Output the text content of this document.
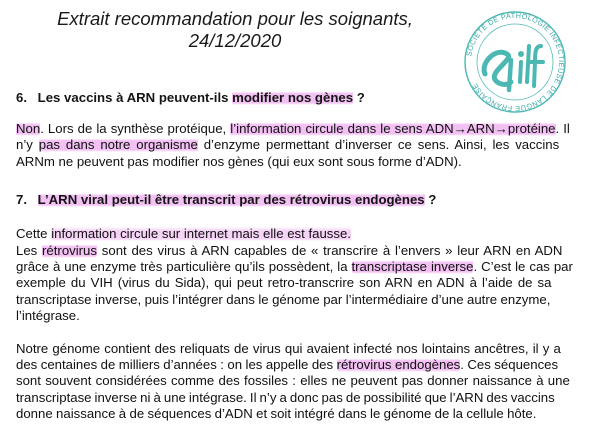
Extrait recommandation pour les soignants,
24/12/2020
SOCIÉTÉ DE PATHOLOGIE INFECTIEUSE DE LANGUE FRANÇAISE
6. Les vaccins à ARN peuvent-ils modifier nos gènes ?
Non. Lors de la synthèse protéique, l’information circule dans le sens ADN→ARN→protéine. Il
n’y pas dans notre organisme d’enzyme permettant d’inverser ce sens. Ainsi, les vaccins
ARNm ne peuvent pas modifier nos gènes (qui eux sont sous forme d’ADN).
7. L’ARN viral peut-il être transcrit par des rétrovirus endogènes ?
Cette information circule sur internet mais elle est fausse.
Les rétrovirus sont des virus à ARN capables de « transcrire à l’envers » leur ARN en ADN
grâce à une enzyme très particulière qu’ils possèdent, la transcriptase inverse. C’est le cas par
exemple du VIH (virus du Sida), qui peut retro-transcrire son ARN en ADN à l’aide de sa
transcriptase inverse, puis l’intégrer dans le génome par l’intermédiaire d’une autre enzyme,
l’intégrase.
Notre génome contient des reliquats de virus qui avaient infecté nos lointains ancêtres, il y a
des centaines de milliers d’années : on les appelle des rétrovirus endogènes. Ces séquences
sont souvent considérées comme des fossiles : elles ne peuvent pas donner naissance à une
transcriptase inverse ni à une intégrase. Il n’y a donc pas de possibilité que l’ARN des vaccins
donne naissance à de séquences d’ADN et soit intégré dans le génome de la cellule hôte.
